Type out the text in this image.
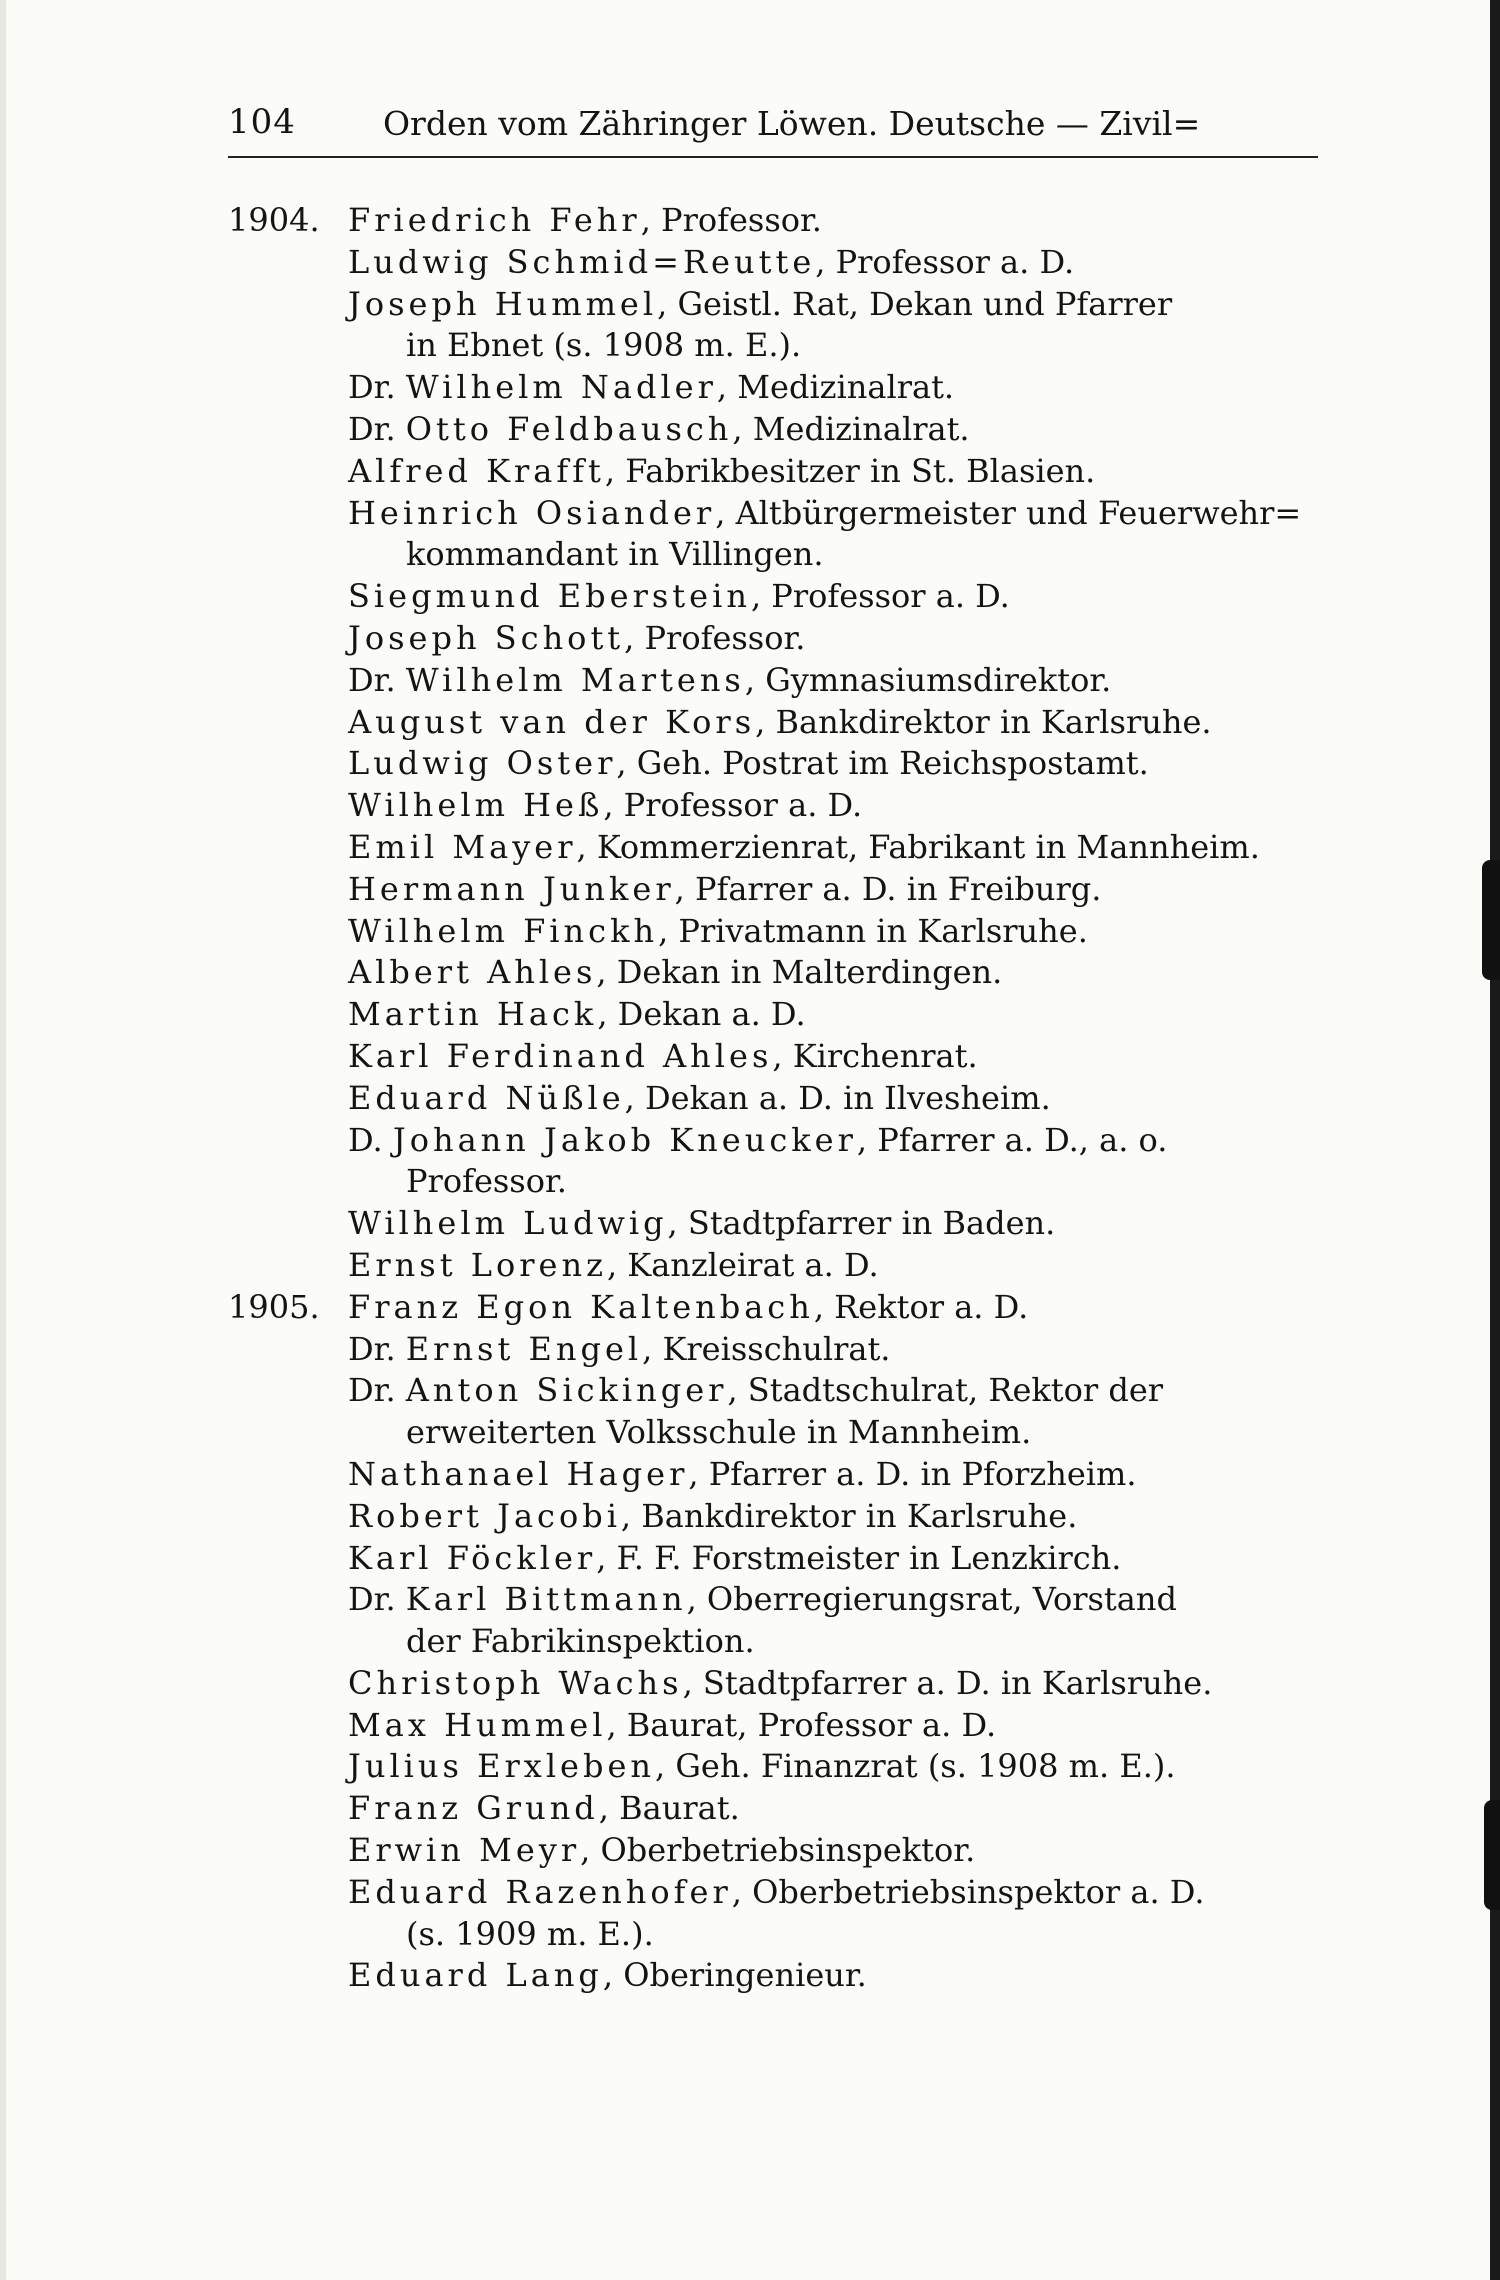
104	Orden vom Zähringer Löwen. Deutsche — Zivil=
1904. Friedrich Fehr, Professor.
Ludwig Schmid=Reutte, Professor a. D.
Joseph Hummel, Geistl. Rat, Dekan und Pfarrer
in Ebnet (s. 1908 m. E.).
Dr. Wilhelm Nadler, Medizinalrat.
Dr. Otto Feldbausch, Medizinalrat.
Alfred Krafft, Fabrikbesitzer in St. Blasien.
Heinrich Osiander, Altbürgermeister und Feuerwehr=
kommandant in Villingen.
Siegmund Eberstein, Professor a. D.
Joseph Schott, Professor.
Dr. Wilhelm Martens, Gymnasiumsdirektor.
August van der Kors, Bankdirektor in Karlsruhe.
Ludwig Oster, Geh. Postrat im Reichspostamt.
Wilhelm Heß, Professor a. D.
Emil Mayer, Kommerzienrat, Fabrikant in Mannheim.
Hermann Junker, Pfarrer a. D. in Freiburg.
Wilhelm Finckh, Privatmann in Karlsruhe.
Albert Ahles, Dekan in Malterdingen.
Martin Hack, Dekan a. D.
Karl Ferdinand Ahles, Kirchenrat.
Eduard Nüßle, Dekan a. D. in Ilvesheim.
D. Johann Jakob Kneucker, Pfarrer a. D., a. o.
Professor.
Wilhelm Ludwig, Stadtpfarrer in Baden.
Ernst Lorenz, Kanzleirat a. D.
1905. Franz Egon Kaltenbach, Rektor a. D.
Dr. Ernst Engel, Kreisschulrat.
Dr. Anton Sickinger, Stadtschulrat, Rektor der
erweiterten Volksschule in Mannheim.
Nathanael Hager, Pfarrer a. D. in Pforzheim.
Robert Jacobi, Bankdirektor in Karlsruhe.
Karl Föckler, F. F. Forstmeister in Lenzkirch.
Dr. Karl Bittmann, Oberregierungsrat, Vorstand
der Fabrikinspektion.
Christoph Wachs, Stadtpfarrer a. D. in Karlsruhe.
Max Hummel, Baurat, Professor a. D.
Julius Erxleben, Geh. Finanzrat (s. 1908 m. E.).
Franz Grund, Baurat.
Erwin Meyr, Oberbetriebsinspektor.
Eduard Razenhofer, Oberbetriebsinspektor a. D.
(s. 1909 m. E.).
Eduard Lang, Oberingenieur.
